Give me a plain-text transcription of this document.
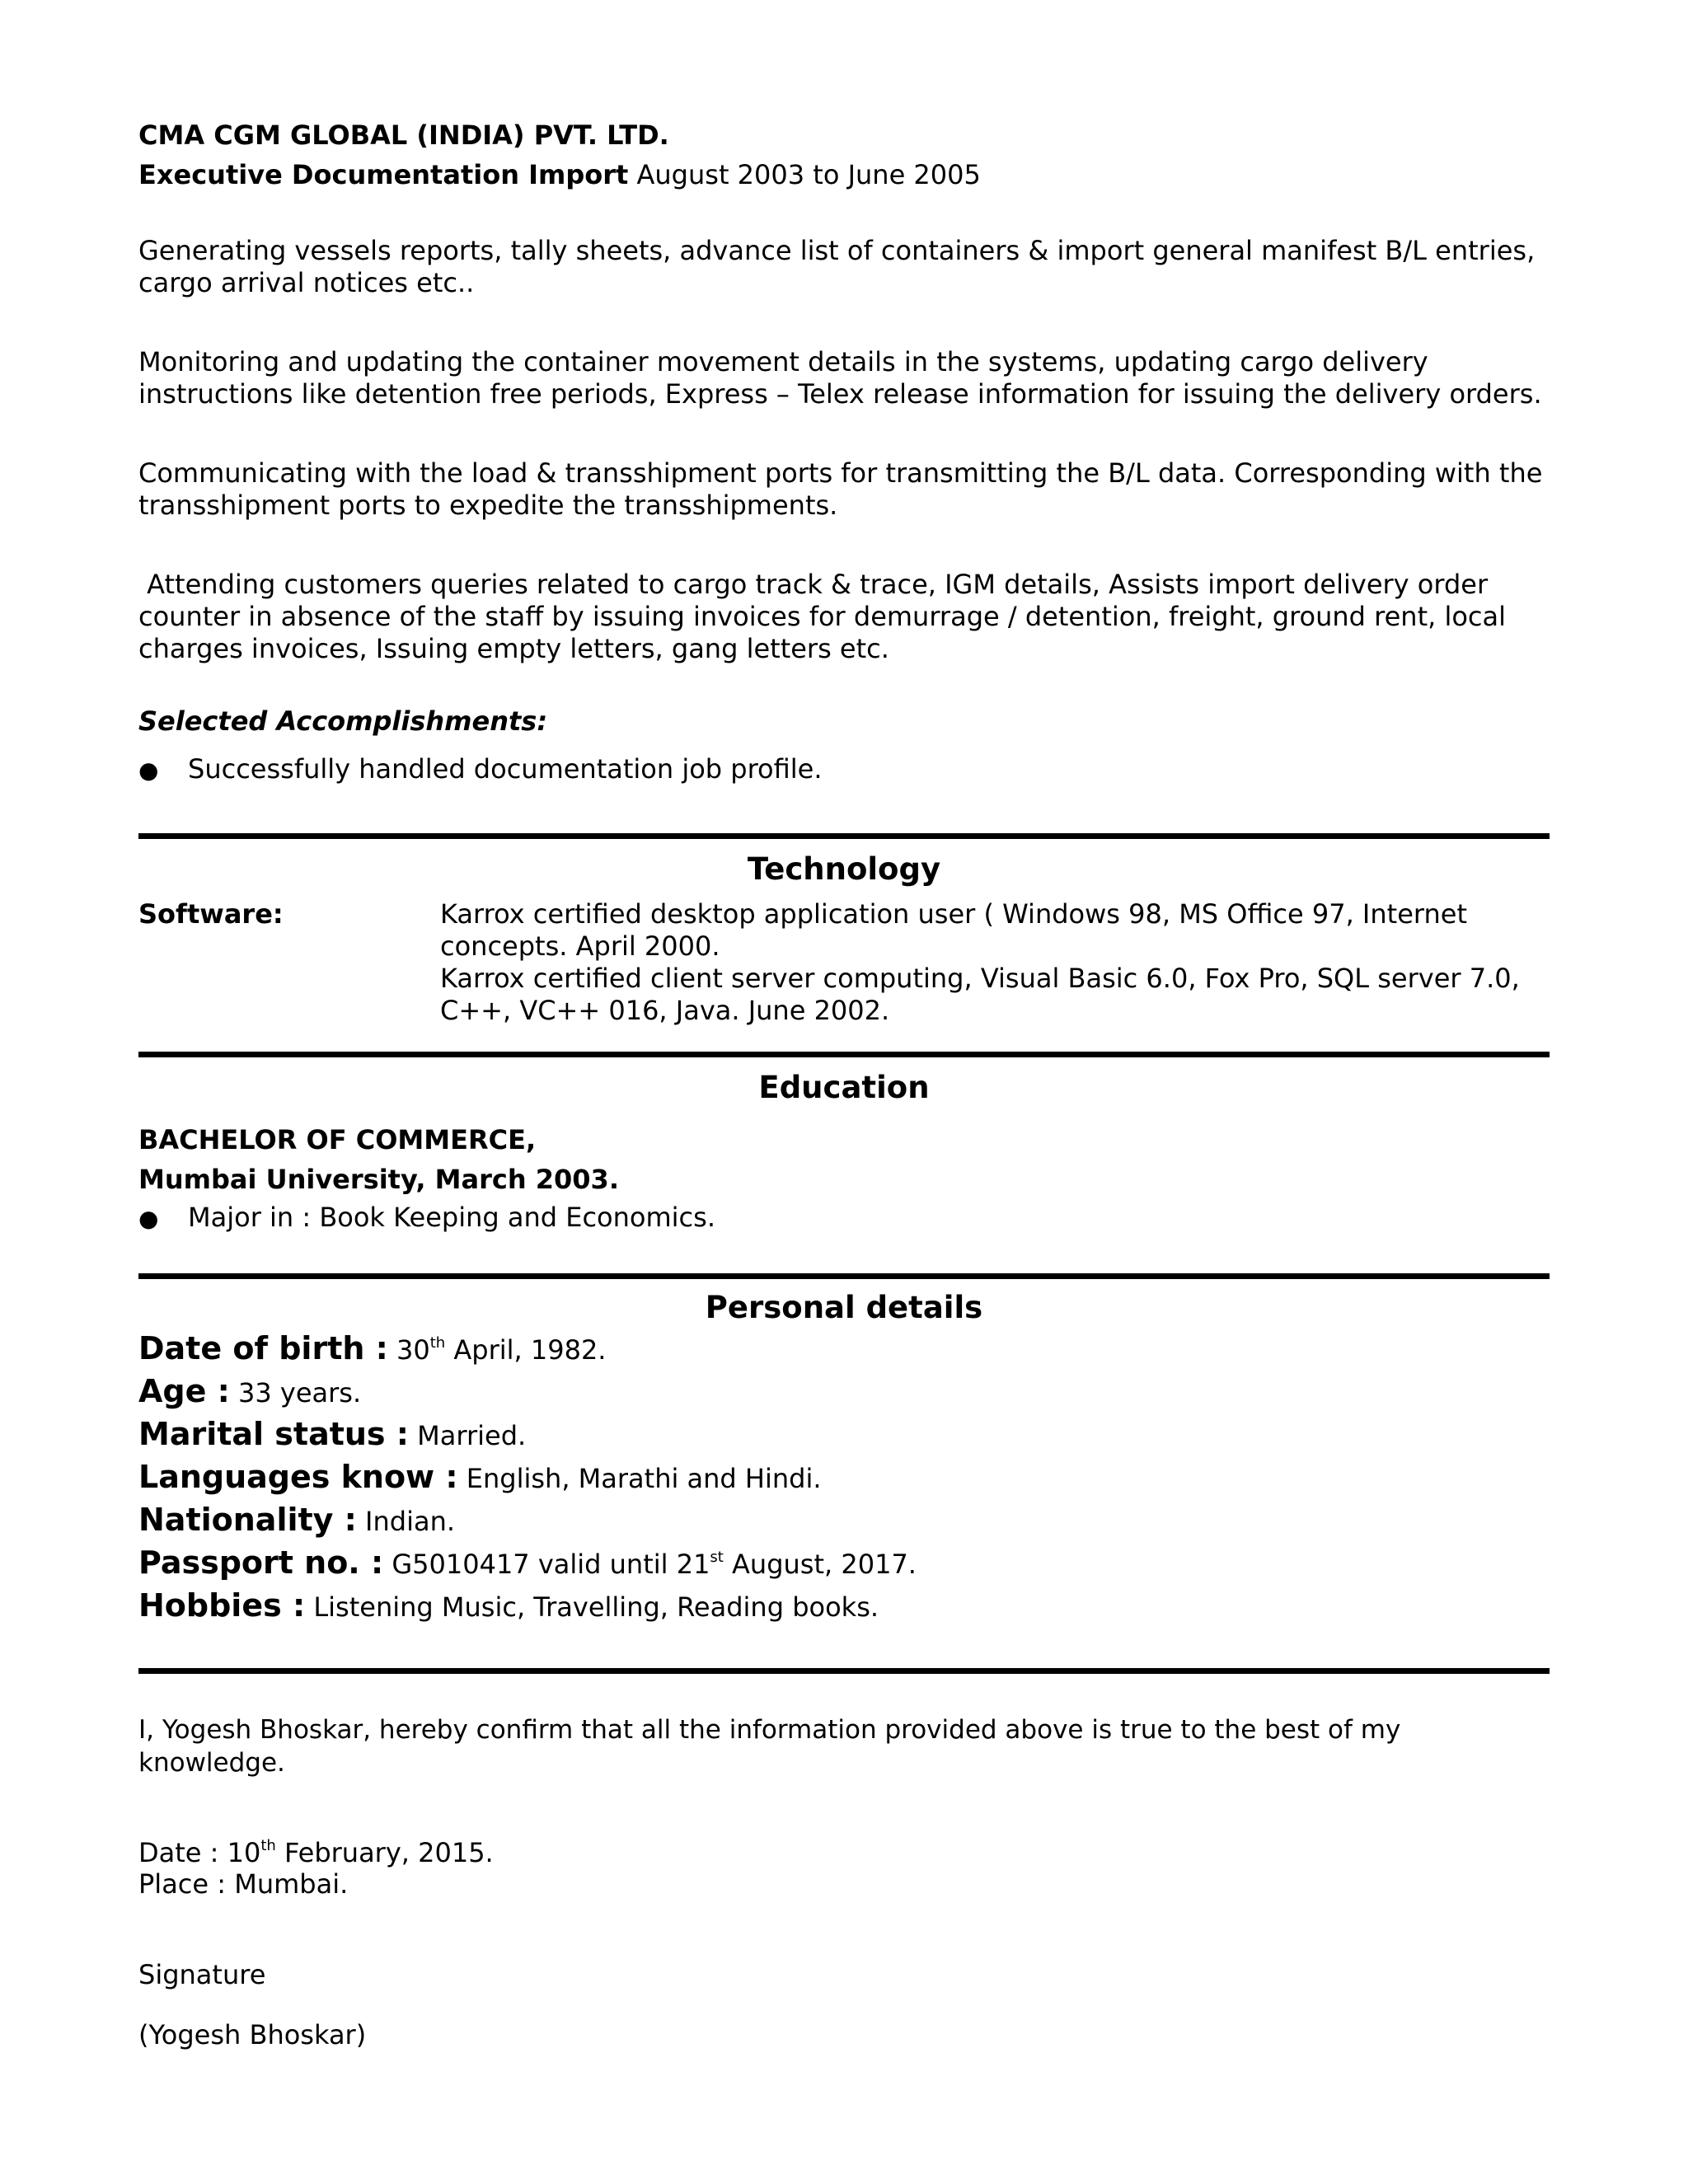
CMA CGM GLOBAL (INDIA) PVT. LTD.

Executive Documentation Import August 2003 to June 2005

Generating vessels reports, tally sheets, advance list of containers & import general manifest B/L entries, cargo arrival notices etc..

Monitoring and updating the container movement details in the systems, updating cargo delivery instructions like detention free periods, Express – Telex release information for issuing the delivery orders.

Communicating with the load & transshipment ports for transmitting the B/L data. Corresponding with the transshipment ports to expedite the transshipments.

Attending customers queries related to cargo track & trace, IGM details, Assists import delivery order counter in absence of the staff by issuing invoices for demurrage / detention, freight, ground rent, local charges invoices, Issuing empty letters, gang letters etc.

Selected Accomplishments:

●	Successfully handled documentation job profile.

Technology

Software:	Karrox certified desktop application user ( Windows 98, MS Office 97, Internet concepts. April 2000.
Karrox certified client server computing, Visual Basic 6.0, Fox Pro, SQL server 7.0, C++, VC++ 016, Java. June 2002.

Education

BACHELOR OF COMMERCE,

Mumbai University, March 2003.

●	Major in : Book Keeping and Economics.

Personal details

Date of birth : 30th April, 1982.

Age : 33 years.

Marital status : Married.

Languages know : English, Marathi and Hindi.

Nationality : Indian.

Passport no. : G5010417 valid until 21st August, 2017.

Hobbies : Listening Music, Travelling, Reading books.

I, Yogesh Bhoskar, hereby confirm that all the information provided above is true to the best of my knowledge.

Date : 10th February, 2015.

Place : Mumbai.

Signature

(Yogesh Bhoskar)
